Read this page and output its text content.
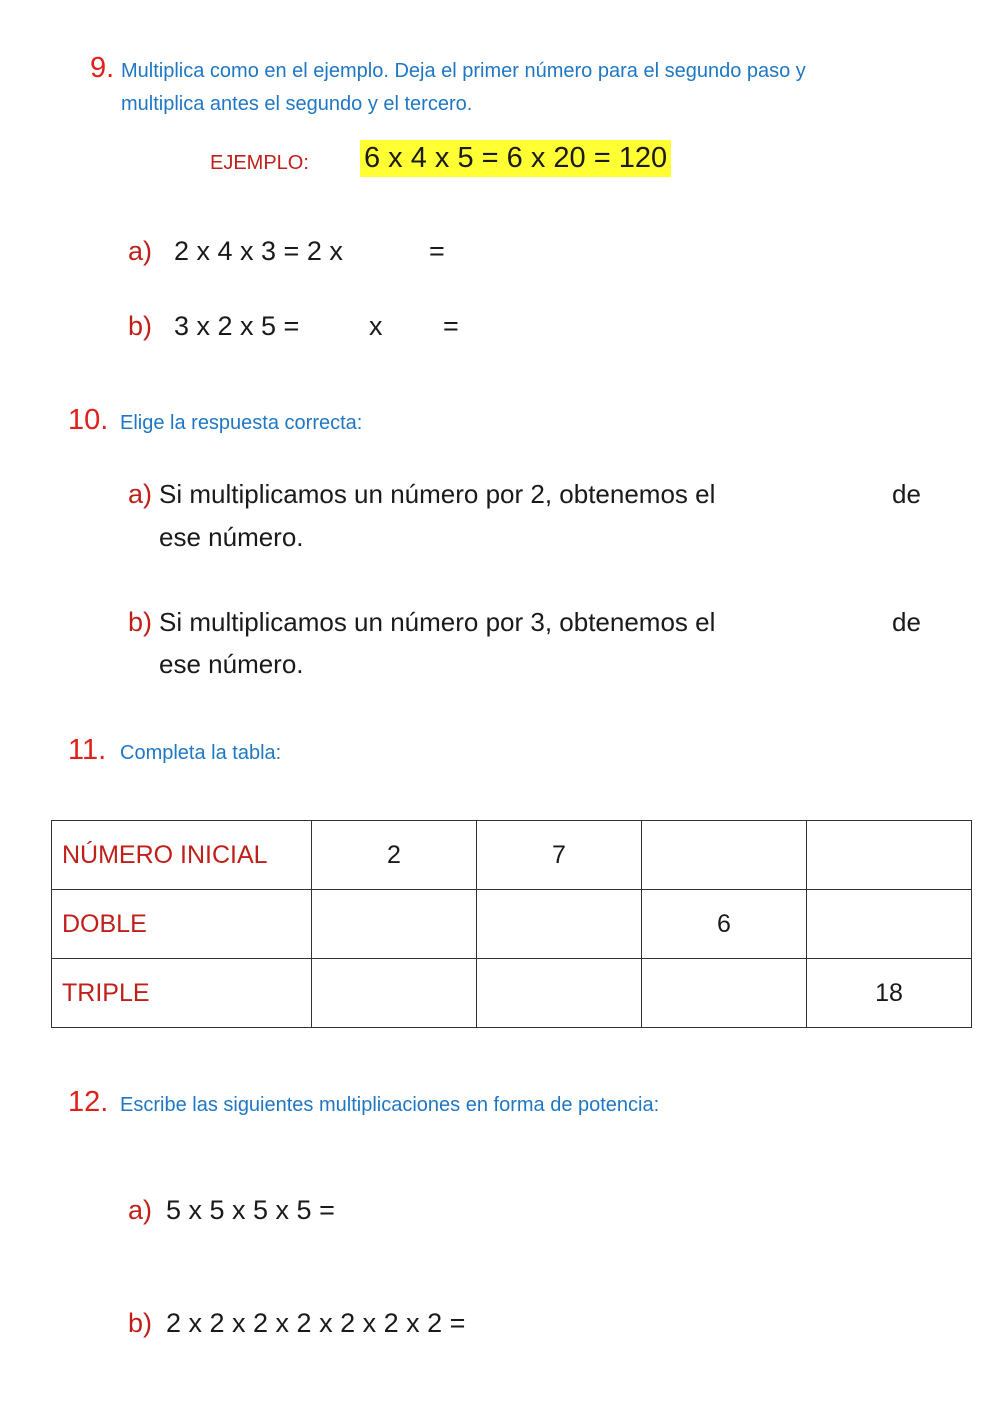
9. Multiplica como en el ejemplo. Deja el primer número para el segundo paso y
multiplica antes el segundo y el tercero.
EJEMPLO: 6 x 4 x 5 = 6 x 20 = 120
a) 2 x 4 x 3 = 2 x	=
b) 3 x 2 x 5 =	x =
10. Elige la respuesta correcta:
a) Si multiplicamos un número por 2, obtenemos el	de
ese número.
b) Si multiplicamos un número por 3, obtenemos el	de
ese número.
11. Completa la tabla:
NÚMERO INICIAL	2	7		
DOBLE			6	
TRIPLE				18
12. Escribe las siguientes multiplicaciones en forma de potencia:
a) 5 x 5 x 5 x 5 =
b) 2 x 2 x 2 x 2 x 2 x 2 x 2 =
